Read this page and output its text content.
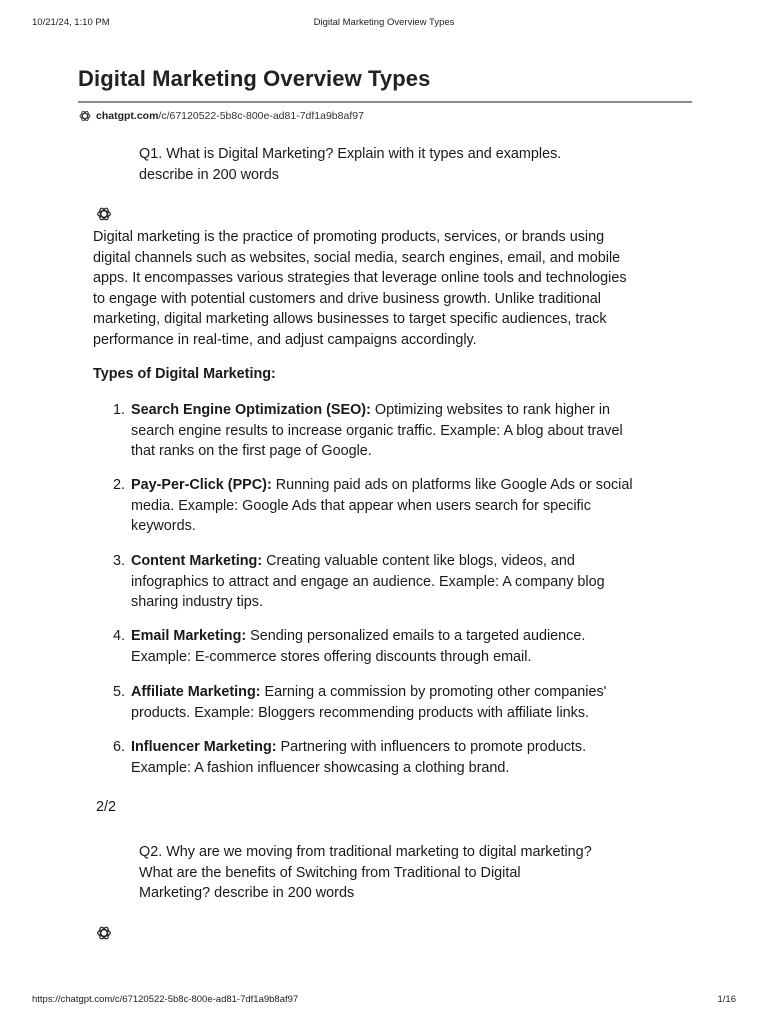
10/21/24, 1:10 PM	Digital Marketing Overview Types
Digital Marketing Overview Types
chatgpt.com /c/67120522-5b8c-800e-ad81-7df1a9b8af97
Q1. What is Digital Marketing? Explain with it types and examples.
describe in 200 words
Digital marketing is the practice of promoting products, services, or brands using
digital channels such as websites, social media, search engines, email, and mobile
apps. It encompasses various strategies that leverage online tools and technologies
to engage with potential customers and drive business growth. Unlike traditional
marketing, digital marketing allows businesses to target specific audiences, track
performance in real-time, and adjust campaigns accordingly.
Types of Digital Marketing:
1. Search Engine Optimization (SEO): Optimizing websites to rank higher in
search engine results to increase organic traffic. Example: A blog about travel
that ranks on the first page of Google.
2. Pay-Per-Click (PPC): Running paid ads on platforms like Google Ads or social
media. Example: Google Ads that appear when users search for specific
keywords.
3. Content Marketing: Creating valuable content like blogs, videos, and
infographics to attract and engage an audience. Example: A company blog
sharing industry tips.
4. Email Marketing: Sending personalized emails to a targeted audience.
Example: E-commerce stores offering discounts through email.
5. Affiliate Marketing: Earning a commission by promoting other companies'
products. Example: Bloggers recommending products with affiliate links.
6. Influencer Marketing: Partnering with influencers to promote products.
Example: A fashion influencer showcasing a clothing brand.
2/2
Q2. Why are we moving from traditional marketing to digital marketing?
What are the benefits of Switching from Traditional to Digital
Marketing? describe in 200 words
https://chatgpt.com/c/67120522-5b8c-800e-ad81-7df1a9b8af97	1/16
